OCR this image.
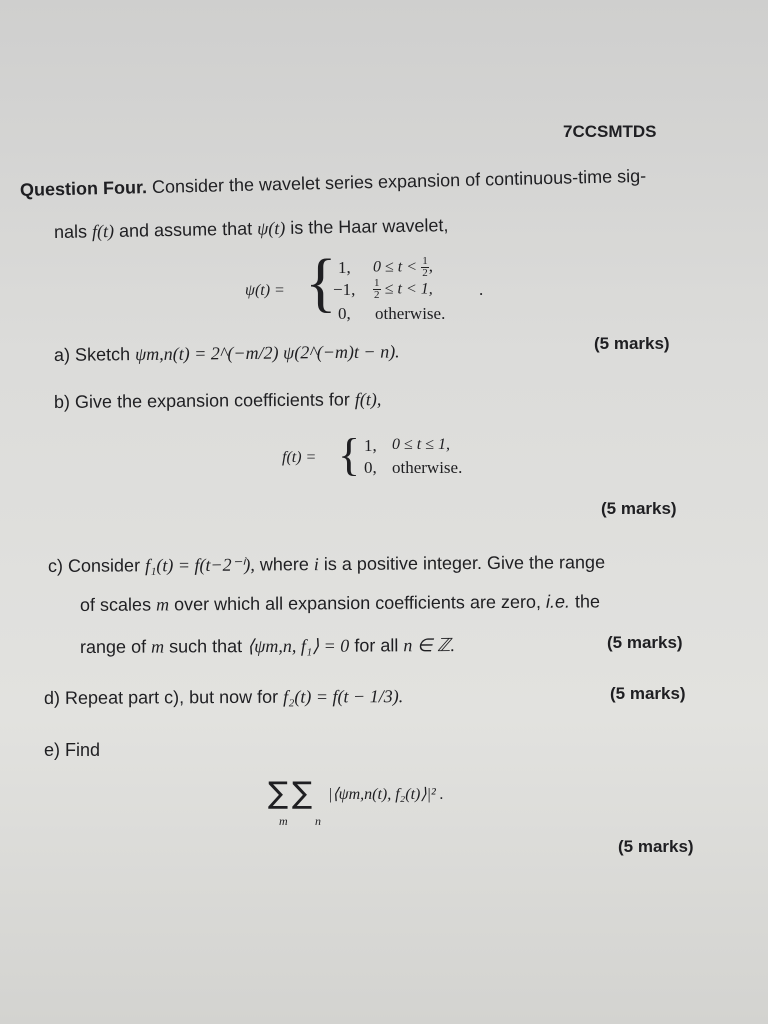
7CCSMTDS
Question Four. Consider the wavelet series expansion of continuous-time sig-
nals f(t) and assume that ψ(t) is the Haar wavelet,
ψ(t) = { 1, $0 \le t < \frac{1}{2}$ ,
−1, $\frac{1}{2} \le t < 1$,	.
0, otherwise.
a) Sketch ψm,n(t) = 2^(−m/2) ψ(2^(−m)t − n).	(5 marks)
b) Give the expansion coefficients for f(t),
f(t) = { 1, 0 ≤ t ≤ 1,
0, otherwise.
(5 marks)
c) Consider f₁(t) = f(t−2⁻ⁱ), where i is a positive integer. Give the range
of scales m over which all expansion coefficients are zero, i.e. the
range of m such that ⟨ψm,n, f₁⟩ = 0 for all n ∈ ℤ.	(5 marks)
d) Repeat part c), but now for f₂(t) = f(t − 1/3).	(5 marks)
e) Find
∑ ∑
m n
|⟨ψm,n(t), f₂(t)⟩|² .
(5 marks)
